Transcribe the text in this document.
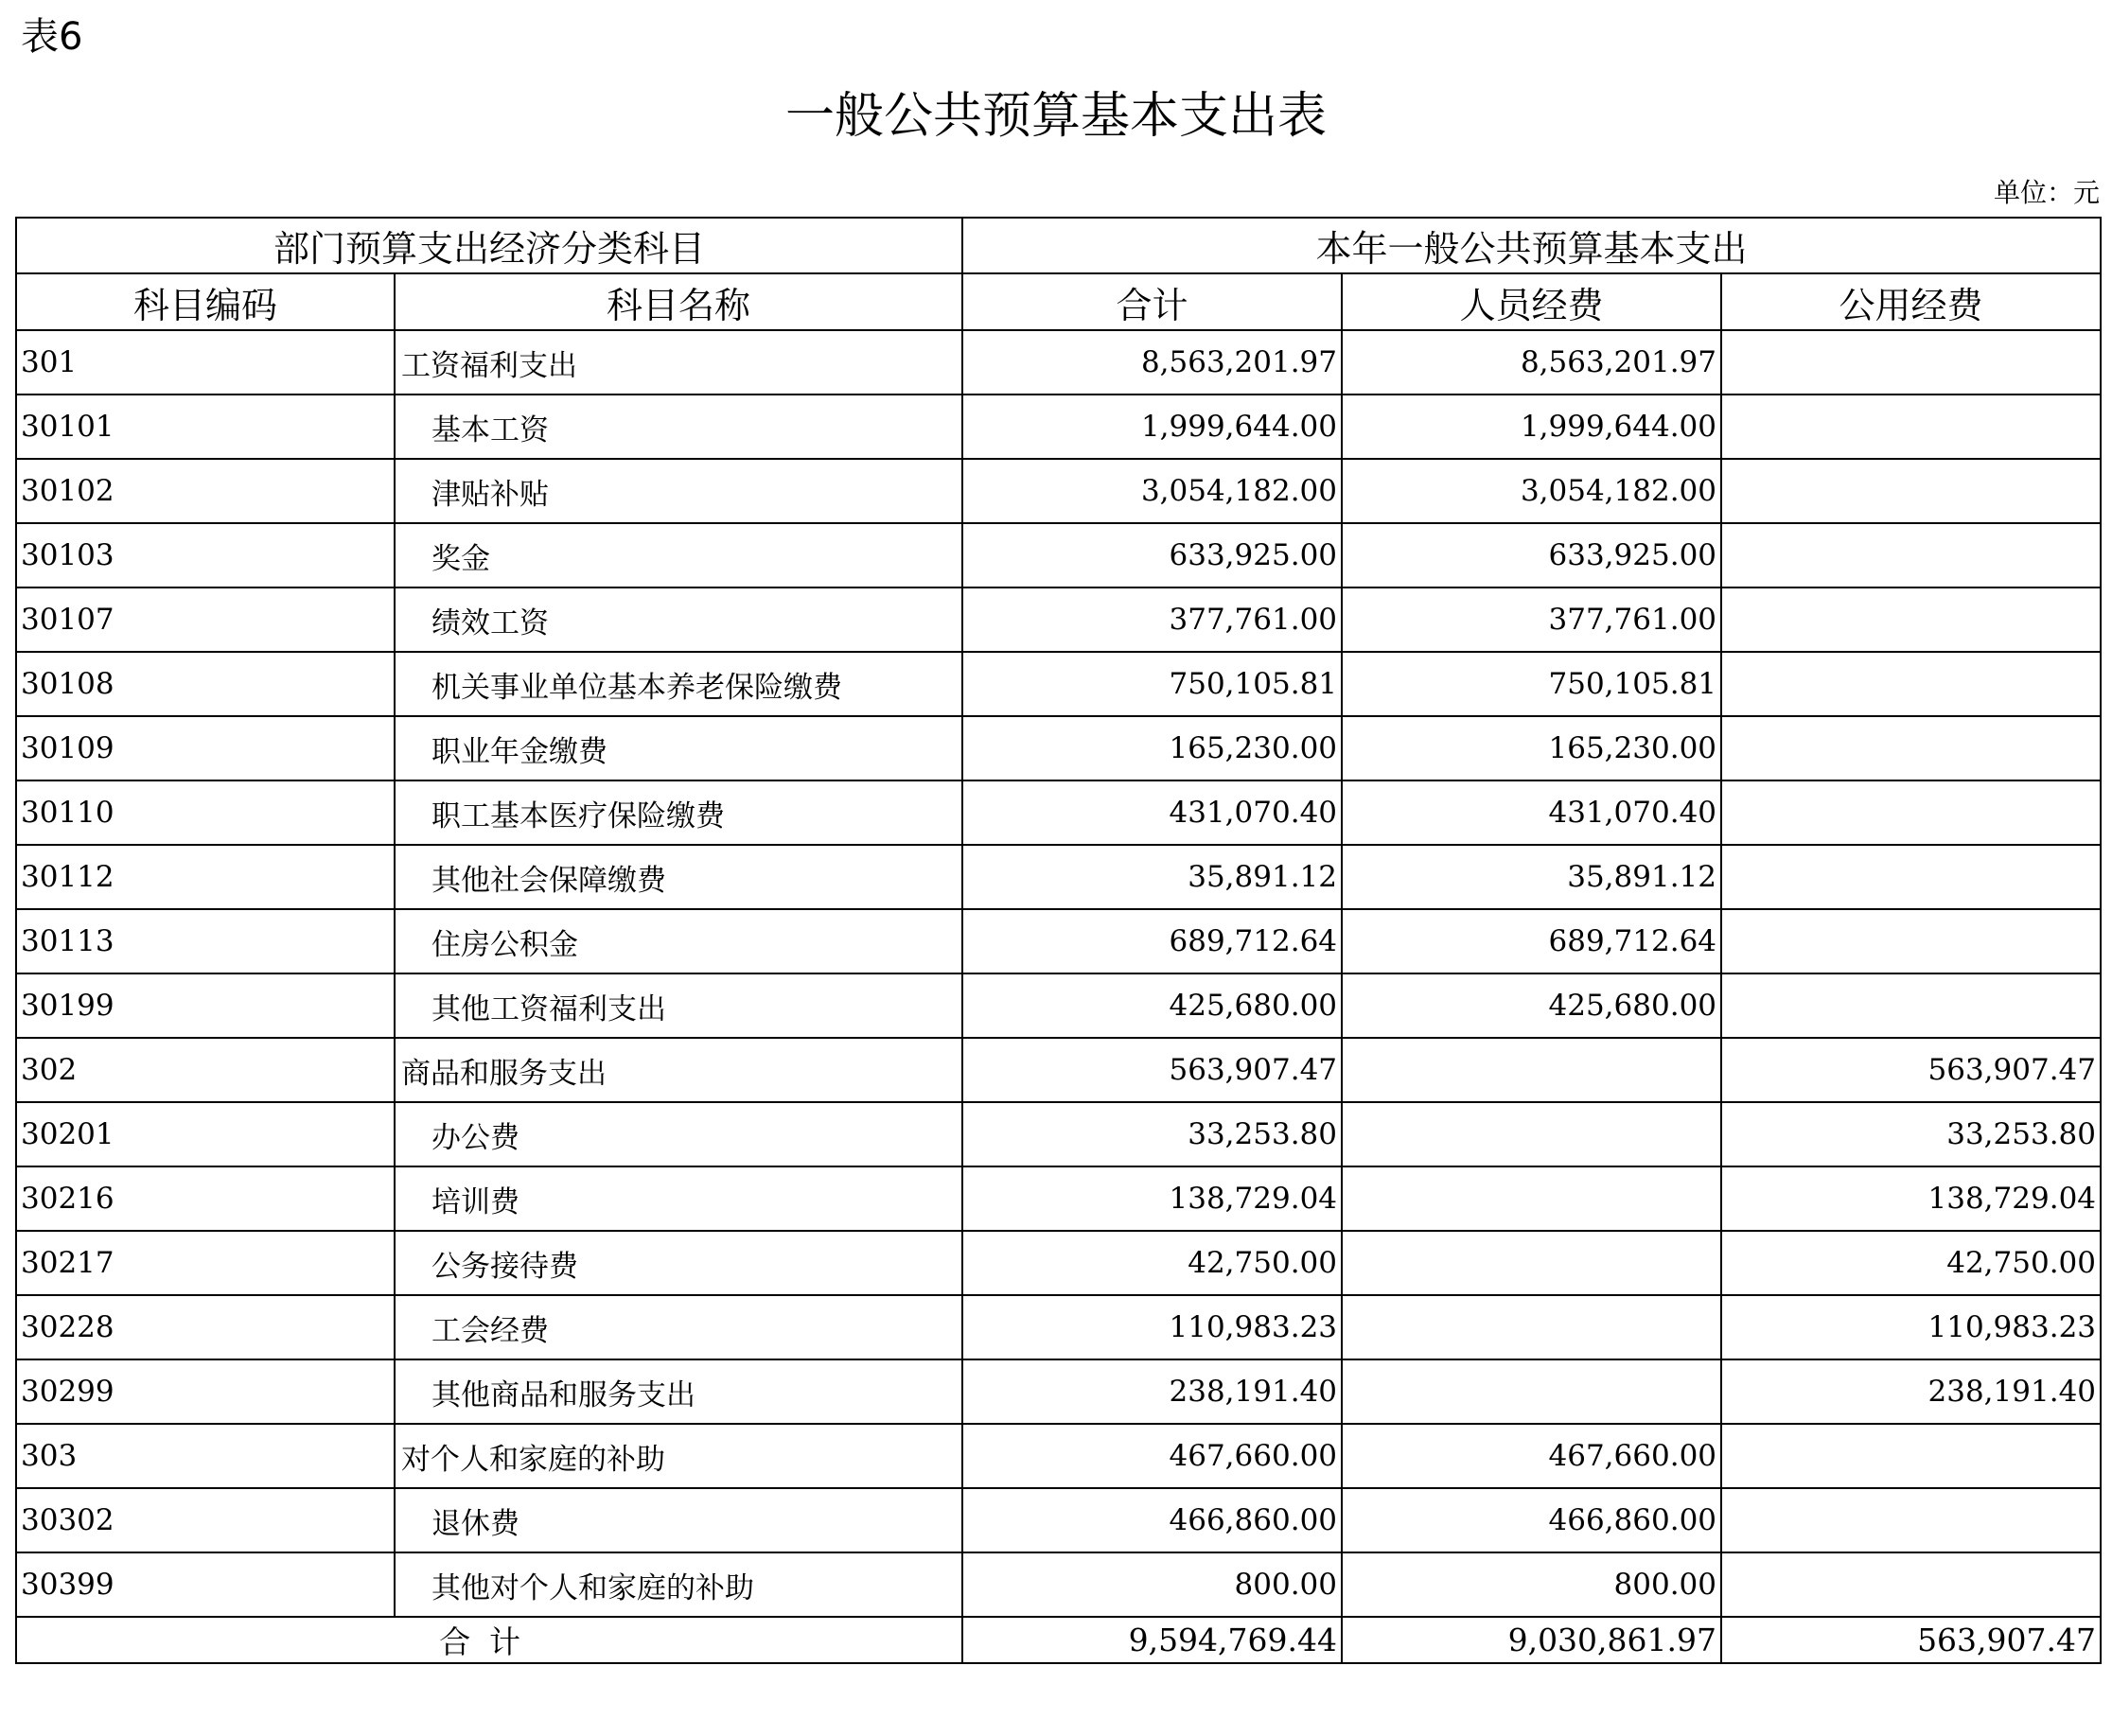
表6
一般公共预算基本支出表
单位：元
部门预算支出经济分类科目		本年一般公共预算基本支出		
科目编码	科目名称	合计	人员经费	公用经费
301	工资福利支出	8,563,201.97	8,563,201.97	
30101	基本工资	1,999,644.00	1,999,644.00	
30102	津贴补贴	3,054,182.00	3,054,182.00	
30103	奖金	633,925.00	633,925.00	
30107	绩效工资	377,761.00	377,761.00	
30108	机关事业单位基本养老保险缴费	750,105.81	750,105.81	
30109	职业年金缴费	165,230.00	165,230.00	
30110	职工基本医疗保险缴费	431,070.40	431,070.40	
30112	其他社会保障缴费	35,891.12	35,891.12	
30113	住房公积金	689,712.64	689,712.64	
30199	其他工资福利支出	425,680.00	425,680.00	
302	商品和服务支出	563,907.47		563,907.47
30201	办公费	33,253.80		33,253.80
30216	培训费	138,729.04		138,729.04
30217	公务接待费	42,750.00		42,750.00
30228	工会经费	110,983.23		110,983.23
30299	其他商品和服务支出	238,191.40		238,191.40
303	对个人和家庭的补助	467,660.00	467,660.00	
30302	退休费	466,860.00	466,860.00	
30399	其他对个人和家庭的补助	800.00	800.00	
合计		9,594,769.44	9,030,861.97	563,907.47
